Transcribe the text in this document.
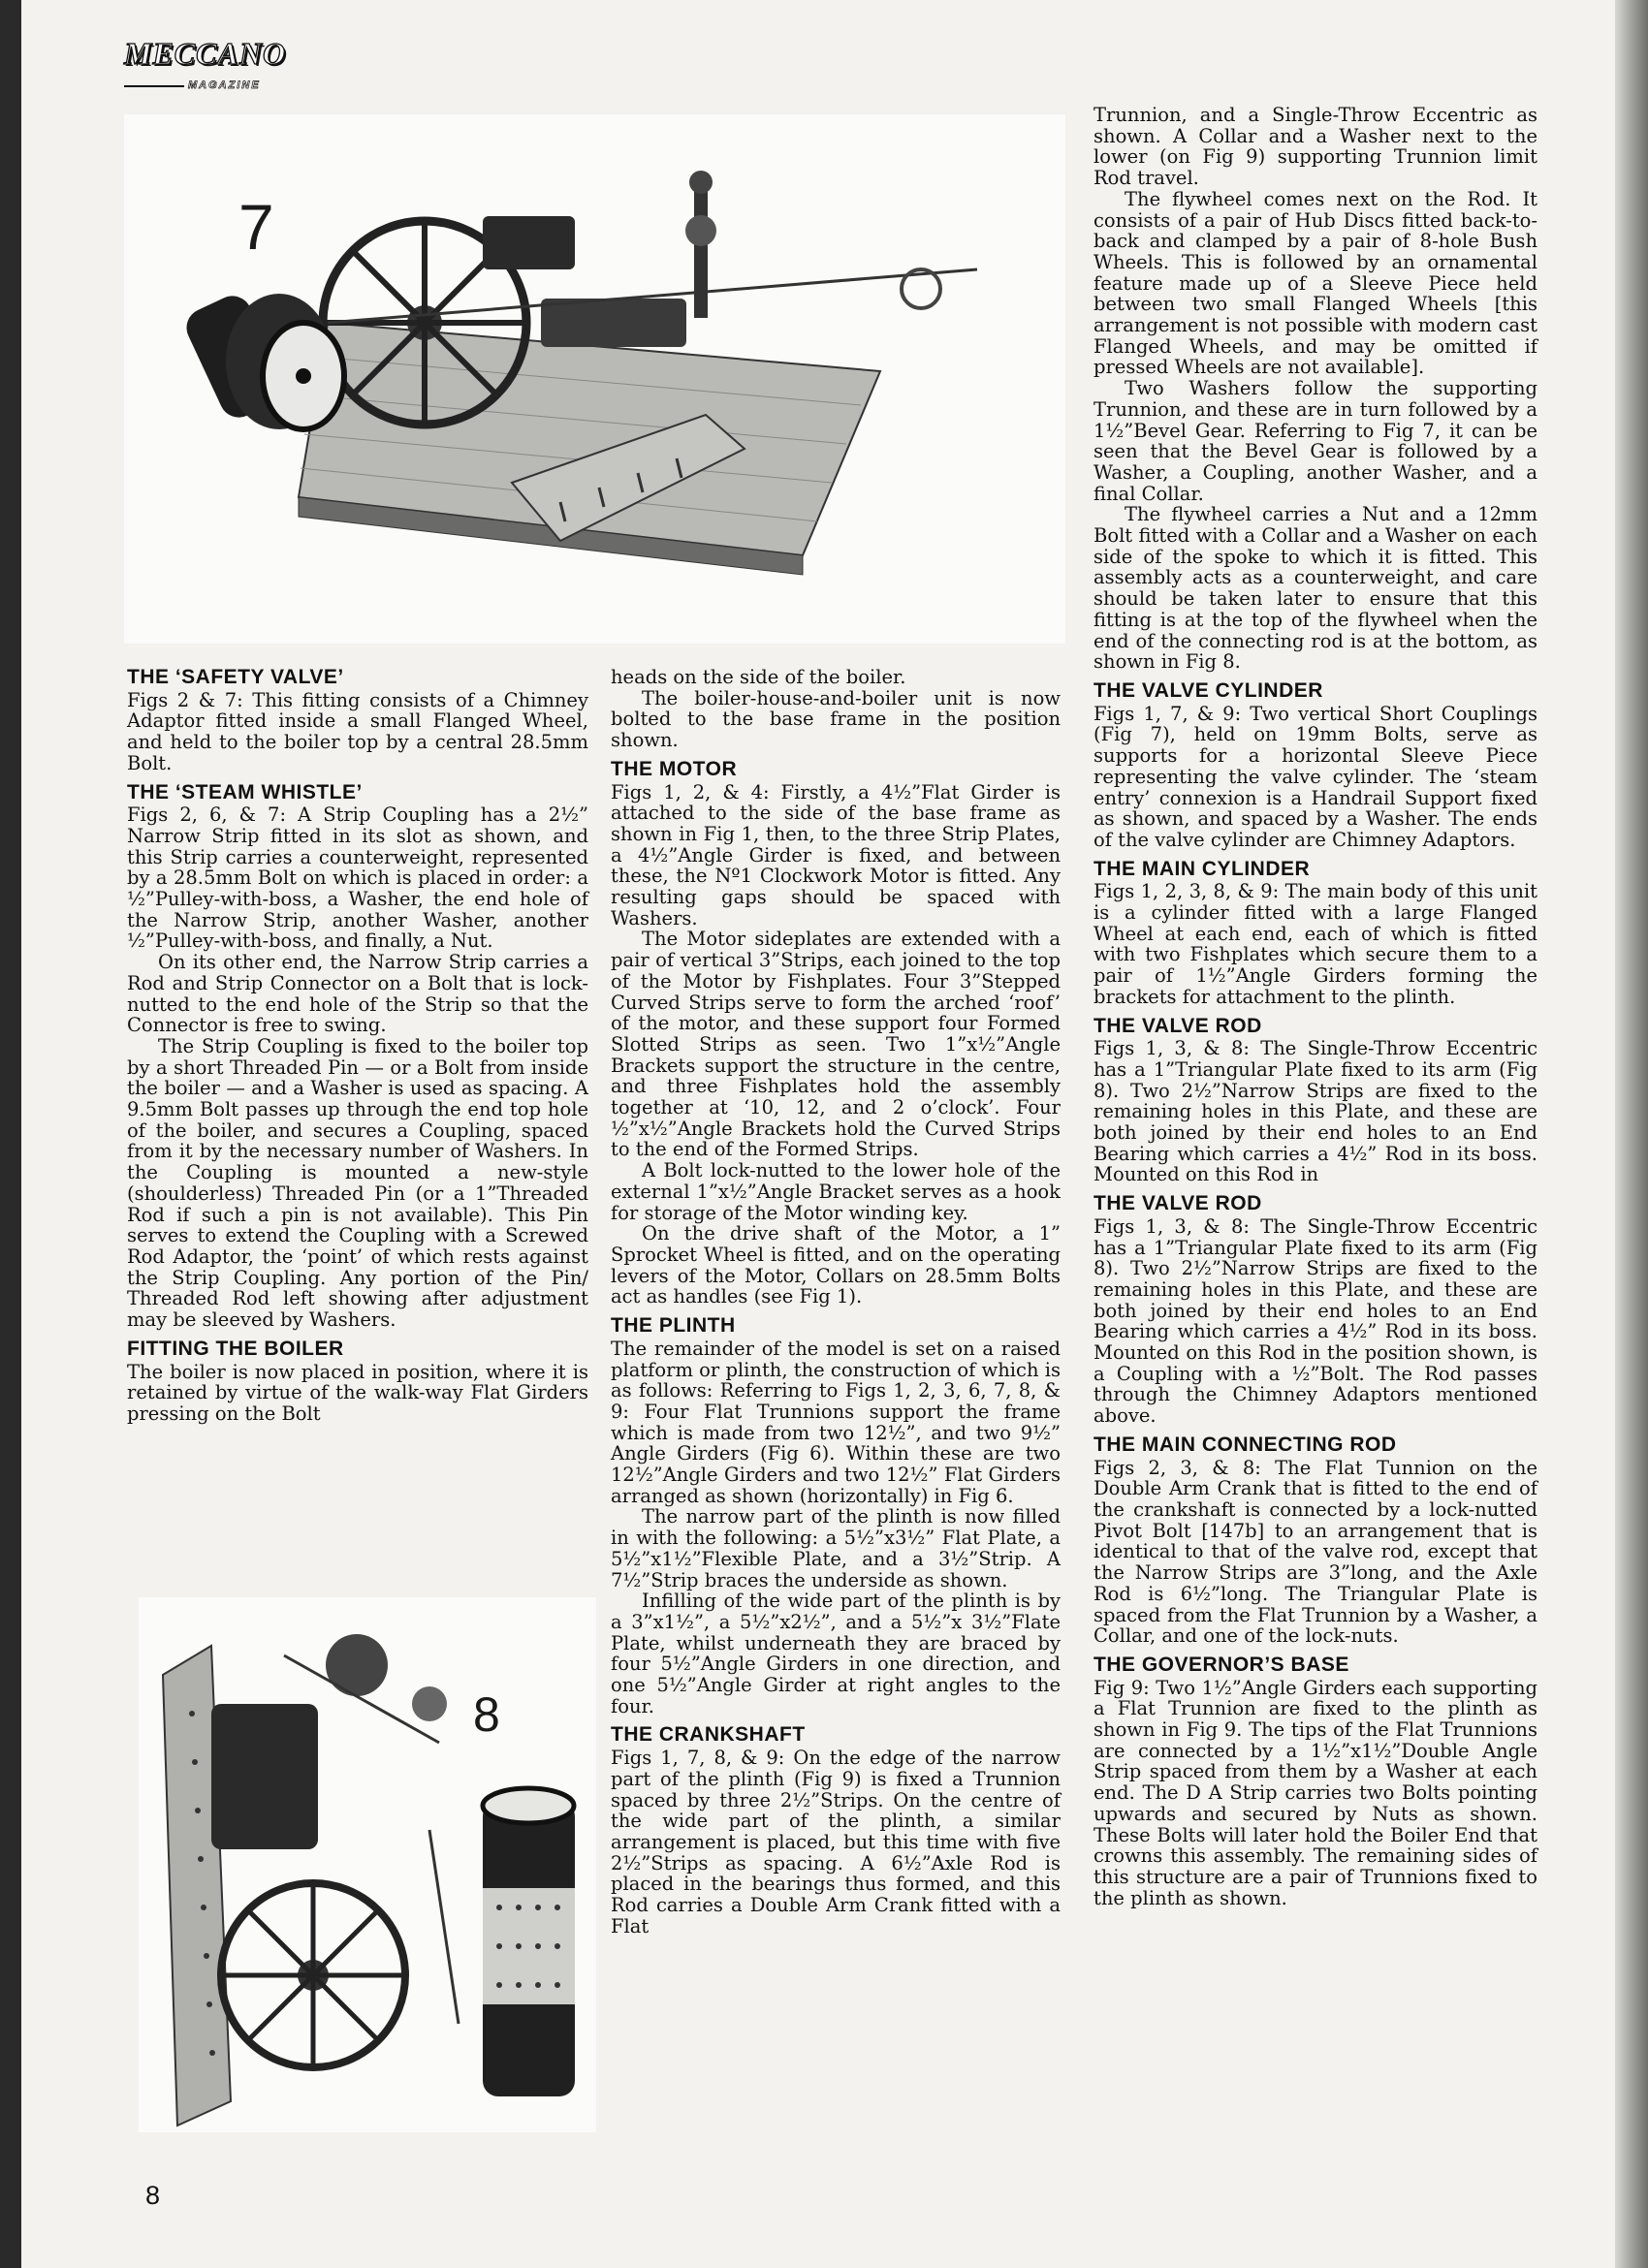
MECCANO
MAGAZINE
7
8
THE ‘SAFETY VALVE’

Figs 2 & 7: This fitting consists of a Chimney Adaptor fitted inside a small Flanged Wheel, and held to the boiler top by a central 28.5mm Bolt.

THE ‘STEAM WHISTLE’

Figs 2, 6, & 7: A Strip Coupling has a 2½” Narrow Strip fitted in its slot as shown, and this Strip carries a counterweight, represented by a 28.5mm Bolt on which is placed in order: a ½”Pulley-with-boss, a Washer, the end hole of the Narrow Strip, another Washer, another ½”Pulley-with-boss, and finally, a Nut.

On its other end, the Narrow Strip carries a Rod and Strip Connector on a Bolt that is lock-nutted to the end hole of the Strip so that the Connector is free to swing.

The Strip Coupling is fixed to the boiler top by a short Threaded Pin — or a Bolt from inside the boiler — and a Washer is used as spacing. A 9.5mm Bolt passes up through the end top hole of the boiler, and secures a Coupling, spaced from it by the necessary number of Washers. In the Coupling is mounted a new-style (shoulderless) Threaded Pin (or a 1”Threaded Rod if such a pin is not available). This Pin serves to extend the Coupling with a Screwed Rod Adaptor, the ‘point’ of which rests against the Strip Coupling. Any portion of the Pin/ Threaded Rod left showing after adjustment may be sleeved by Washers.

FITTING THE BOILER

The boiler is now placed in position, where it is retained by virtue of the walk-way Flat Girders pressing on the Bolt

heads on the side of the boiler.

The boiler-house-and-boiler unit is now bolted to the base frame in the position shown.

THE MOTOR

Figs 1, 2, & 4: Firstly, a 4½”Flat Girder is attached to the side of the base frame as shown in Fig 1, then, to the three Strip Plates, a 4½”Angle Girder is fixed, and between these, the Nº1 Clockwork Motor is fitted. Any resulting gaps should be spaced with Washers.

The Motor sideplates are extended with a pair of vertical 3”Strips, each joined to the top of the Motor by Fishplates. Four 3”Stepped Curved Strips serve to form the arched ‘roof’ of the motor, and these support four Formed Slotted Strips as seen. Two 1”x½”Angle Brackets support the structure in the centre, and three Fishplates hold the assembly together at ‘10, 12, and 2 o’clock’. Four ½”x½”Angle Brackets hold the Curved Strips to the end of the Formed Strips.

A Bolt lock-nutted to the lower hole of the external 1”x½”Angle Bracket serves as a hook for storage of the Motor winding key.

On the drive shaft of the Motor, a 1” Sprocket Wheel is fitted, and on the operating levers of the Motor, Collars on 28.5mm Bolts act as handles (see Fig 1).

THE PLINTH

The remainder of the model is set on a raised platform or plinth, the construction of which is as follows: Referring to Figs 1, 2, 3, 6, 7, 8, & 9: Four Flat Trunnions support the frame which is made from two 12½”, and two 9½” Angle Girders (Fig 6). Within these are two 12½”Angle Girders and two 12½” Flat Girders arranged as shown (horizontally) in Fig 6.

The narrow part of the plinth is now filled in with the following: a 5½”x3½” Flat Plate, a 5½”x1½”Flexible Plate, and a 3½”Strip. A 7½”Strip braces the underside as shown.

Infilling of the wide part of the plinth is by a 3”x1½”, a 5½”x2½”, and a 5½”x 3½”Flate Plate, whilst underneath they are braced by four 5½”Angle Girders in one direction, and one 5½”Angle Girder at right angles to the four.

THE CRANKSHAFT

Figs 1, 7, 8, & 9: On the edge of the narrow part of the plinth (Fig 9) is fixed a Trunnion spaced by three 2½”Strips. On the centre of the wide part of the plinth, a similar arrangement is placed, but this time with five 2½”Strips as spacing. A 6½”Axle Rod is placed in the bearings thus formed, and this Rod carries a Double Arm Crank fitted with a Flat

Trunnion, and a Single-Throw Eccentric as shown. A Collar and a Washer next to the lower (on Fig 9) supporting Trunnion limit Rod travel.

The flywheel comes next on the Rod. It consists of a pair of Hub Discs fitted back-to-back and clamped by a pair of 8-hole Bush Wheels. This is followed by an ornamental feature made up of a Sleeve Piece held between two small Flanged Wheels [this arrangement is not possible with modern cast Flanged Wheels, and may be omitted if pressed Wheels are not available].

Two Washers follow the supporting Trunnion, and these are in turn followed by a 1½”Bevel Gear. Referring to Fig 7, it can be seen that the Bevel Gear is followed by a Washer, a Coupling, another Washer, and a final Collar.

The flywheel carries a Nut and a 12mm Bolt fitted with a Collar and a Washer on each side of the spoke to which it is fitted. This assembly acts as a counterweight, and care should be taken later to ensure that this fitting is at the top of the flywheel when the end of the connecting rod is at the bottom, as shown in Fig 8.

THE VALVE CYLINDER

Figs 1, 7, & 9: Two vertical Short Couplings (Fig 7), held on 19mm Bolts, serve as supports for a horizontal Sleeve Piece representing the valve cylinder. The ‘steam entry’ connexion is a Handrail Support fixed as shown, and spaced by a Washer. The ends of the valve cylinder are Chimney Adaptors.

THE MAIN CYLINDER

Figs 1, 2, 3, 8, & 9: The main body of this unit is a cylinder fitted with a large Flanged Wheel at each end, each of which is fitted with two Fishplates which secure them to a pair of 1½”Angle Girders forming the brackets for attachment to the plinth.

THE VALVE ROD

Figs 1, 3, & 8: The Single-Throw Eccentric has a 1”Triangular Plate fixed to its arm (Fig 8). Two 2½”Narrow Strips are fixed to the remaining holes in this Plate, and these are both joined by their end holes to an End Bearing which carries a 4½” Rod in its boss. Mounted on this Rod in

THE VALVE ROD

Figs 1, 3, & 8: The Single-Throw Eccentric has a 1”Triangular Plate fixed to its arm (Fig 8). Two 2½”Narrow Strips are fixed to the remaining holes in this Plate, and these are both joined by their end holes to an End Bearing which carries a 4½” Rod in its boss. Mounted on this Rod in the position shown, is a Coupling with a ½”Bolt. The Rod passes through the Chimney Adaptors mentioned above.

THE MAIN CONNECTING ROD

Figs 2, 3, & 8: The Flat Tunnion on the Double Arm Crank that is fitted to the end of the crankshaft is connected by a lock-nutted Pivot Bolt [147b] to an arrangement that is identical to that of the valve rod, except that the Narrow Strips are 3”long, and the Axle Rod is 6½”long. The Triangular Plate is spaced from the Flat Trunnion by a Washer, a Collar, and one of the lock-nuts.

THE GOVERNOR’S BASE

Fig 9: Two 1½”Angle Girders each supporting a Flat Trunnion are fixed to the plinth as shown in Fig 9. The tips of the Flat Trunnions are connected by a 1½”x1½”Double Angle Strip spaced from them by a Washer at each end. The D A Strip carries two Bolts pointing upwards and secured by Nuts as shown. These Bolts will later hold the Boiler End that crowns this assembly. The remaining sides of this structure are a pair of Trunnions fixed to the plinth as shown.

8
